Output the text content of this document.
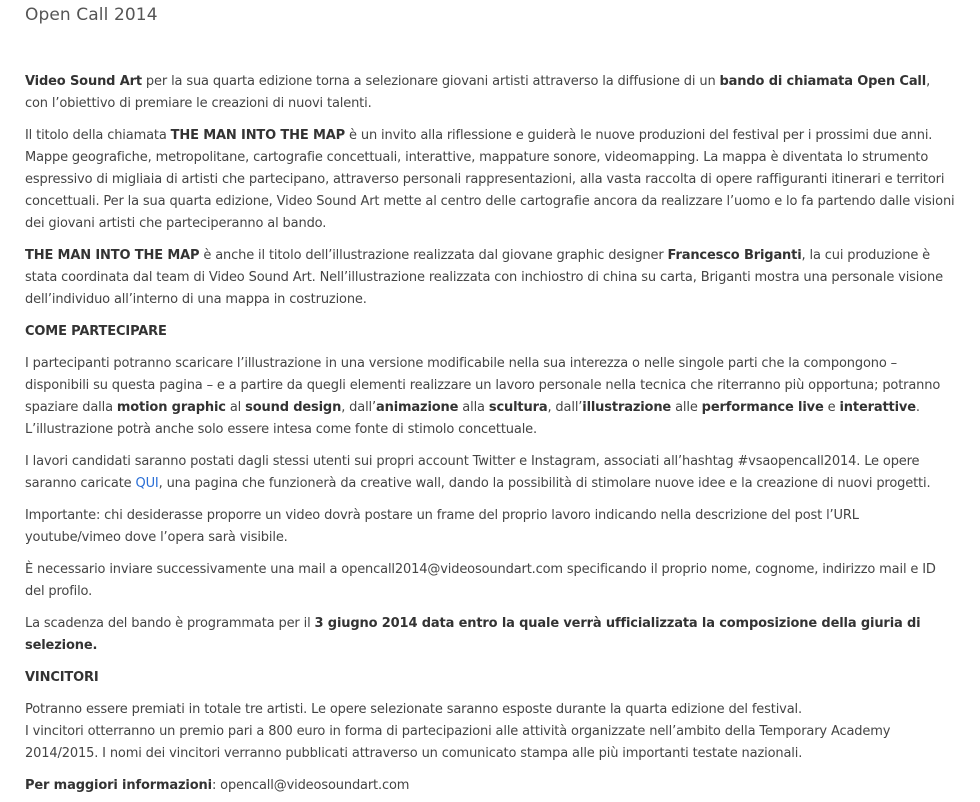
Open Call 2014

Video Sound Art per la sua quarta edizione torna a selezionare giovani artisti attraverso la diffusione di un bando di chiamata Open Call, con l’obiettivo di premiare le creazioni di nuovi talenti.

Il titolo della chiamata THE MAN INTO THE MAP è un invito alla riflessione e guiderà le nuove produzioni del festival per i prossimi due anni. Mappe geografiche, metropolitane, cartografie concettuali, interattive, mappature sonore, videomapping. La mappa è diventata lo strumento espressivo di migliaia di artisti che partecipano, attraverso personali rappresentazioni, alla vasta raccolta di opere raffiguranti itinerari e territori concettuali. Per la sua quarta edizione, Video Sound Art mette al centro delle cartografie ancora da realizzare l’uomo e lo fa partendo dalle visioni dei giovani artisti che parteciperanno al bando.

THE MAN INTO THE MAP è anche il titolo dell’illustrazione realizzata dal giovane graphic designer Francesco Briganti, la cui produzione è stata coordinata dal team di Video Sound Art. Nell’illustrazione realizzata con inchiostro di china su carta, Briganti mostra una personale visione dell’individuo all’interno di una mappa in costruzione.

COME PARTECIPARE

I partecipanti potranno scaricare l’illustrazione in una versione modificabile nella sua interezza o nelle singole parti che la compongono – disponibili su questa pagina – e a partire da quegli elementi realizzare un lavoro personale nella tecnica che riterranno più opportuna; potranno spaziare dalla motion graphic al sound design, dall’animazione alla scultura, dall’illustrazione alle performance live e interattive. L’illustrazione potrà anche solo essere intesa come fonte di stimolo concettuale.

I lavori candidati saranno postati dagli stessi utenti sui propri account Twitter e Instagram, associati all’hashtag #vsaopencall2014. Le opere saranno caricate QUI, una pagina che funzionerà da creative wall, dando la possibilità di stimolare nuove idee e la creazione di nuovi progetti.

Importante: chi desiderasse proporre un video dovrà postare un frame del proprio lavoro indicando nella descrizione del post l’URL youtube/vimeo dove l’opera sarà visibile.

È necessario inviare successivamente una mail a opencall2014@videosoundart.com specificando il proprio nome, cognome, indirizzo mail e ID del profilo.

La scadenza del bando è programmata per il 3 giugno 2014 data entro la quale verrà ufficializzata la composizione della giuria di selezione.

VINCITORI

Potranno essere premiati in totale tre artisti. Le opere selezionate saranno esposte durante la quarta edizione del festival.
I vincitori otterranno un premio pari a 800 euro in forma di partecipazioni alle attività organizzate nell’ambito della Temporary Academy 2014/2015. I nomi dei vincitori verranno pubblicati attraverso un comunicato stampa alle più importanti testate nazionali.

Per maggiori informazioni: opencall@videosoundart.com
